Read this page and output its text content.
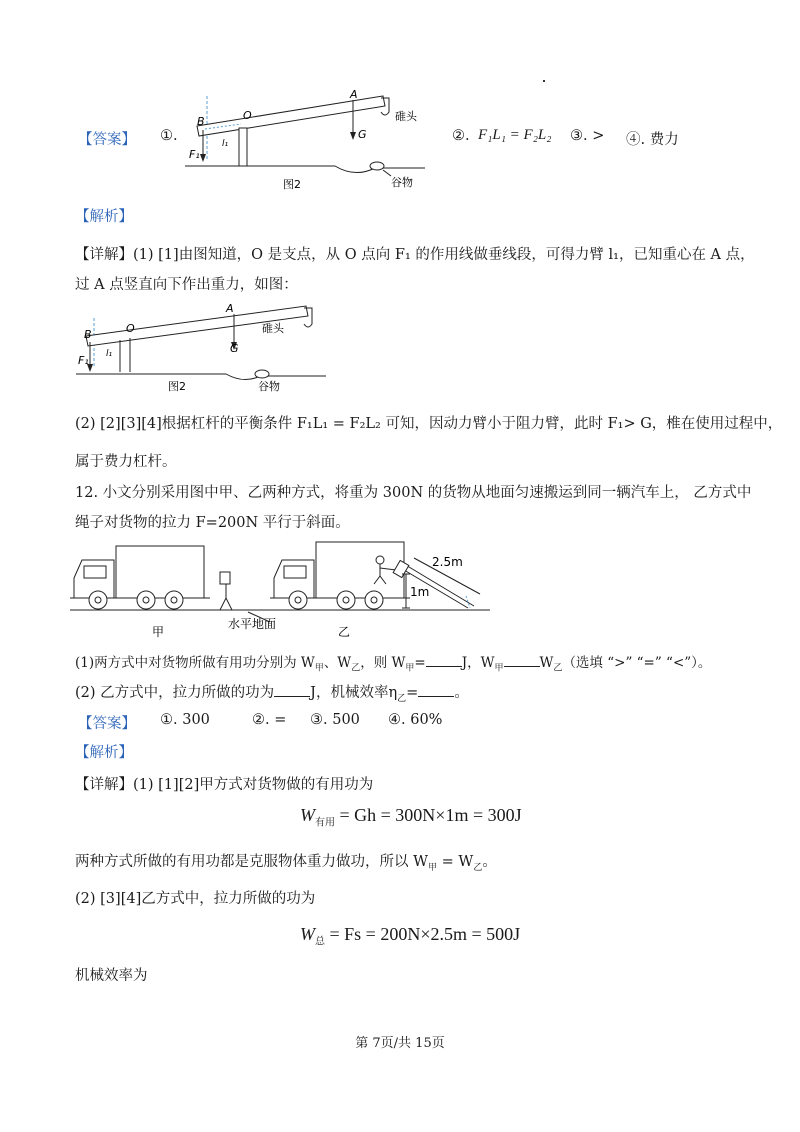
【答案】 ①.
A
B	O
l₁
F₁
G
碓头
谷物
图2
②. F₁L₁ = F₂L₂ ③. > ④. 费力
【解析】
【详解】(1) [1]由图知道，O 是支点，从 O 点向 F₁ 的作用线做垂线段，可得力臂 l₁，已知重心在 A 点，
过 A 点竖直向下作出重力，如图：
A
B	O
l₁
F₁
G
碓头
谷物
图2
(2) [2][3][4]根据杠杆的平衡条件 F₁L₁ = F₂L₂ 可知，因动力臂小于阻力臂，此时 F₁> G，椎在使用过程中，
属于费力杠杆。
12. 小文分别采用图中甲、乙两种方式，将重为 300N 的货物从地面匀速搬运到同一辆汽车上， 乙方式中
绳子对货物的拉力 F=200N 平行于斜面。
2.5m
1m
甲
水平地面
乙
(1)两方式中对货物所做有用功分别为 $W_甲$、$W_乙$，则 $W_甲=$	J，$W_甲$	$W_乙$（选填 “>” “=” “<”）。
(2) 乙方式中，拉力所做的功为 J，机械效率$\eta_乙=$ 。
【答案】 ①. 300	②. = ③. 500 ④. 60%
【解析】
【详解】(1) [1][2]甲方式对货物做的有用功为
$W_{有用} = Gh = 300N\times 1m = 300J$
两种方式所做的有用功都是克服物体重力做功，所以 $W_甲 = W_乙$。
(2) [3][4]乙方式中，拉力所做的功为
$W_总 = Fs = 200N\times 2.5m = 500J$
机械效率为
第 7页/共 15页
